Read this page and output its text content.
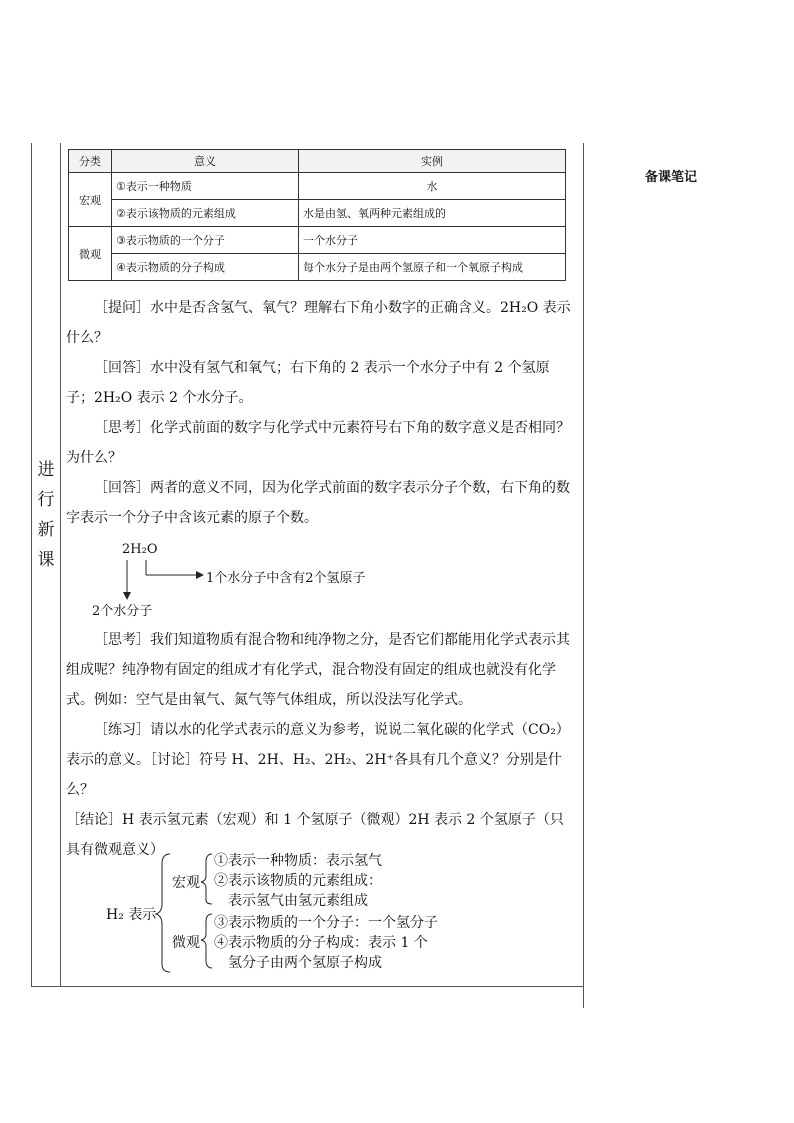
进
行
新
课
备课笔记
分类	意义	实例
宏观	①表示一种物质	水
	②表示该物质的元素组成	水是由氢、氧两种元素组成的
微观	③表示物质的一个分子	一个水分子
	④表示物质的分子构成	每个水分子是由两个氢原子和一个氧原子构成

［提问］水中是否含氢气、氧气？理解右下角小数字的正确含义。2H₂O 表示什么？

［回答］水中没有氢气和氧气；右下角的 2 表示一个水分子中有 2 个氢原子；2H₂O 表示 2 个水分子。

［思考］化学式前面的数字与化学式中元素符号右下角的数字意义是否相同？为什么？

［回答］两者的意义不同，因为化学式前面的数字表示分子个数，右下角的数字表示一个分子中含该元素的原子个数。

2H₂O
1个水分子中含有2个氢原子
2个水分子

［思考］我们知道物质有混合物和纯净物之分，是否它们都能用化学式表示其组成呢？纯净物有固定的组成才有化学式，混合物没有固定的组成也就没有化学式。例如：空气是由氧气、氮气等气体组成，所以没法写化学式。

［练习］请以水的化学式表示的意义为参考，说说二氧化碳的化学式（CO₂）表示的意义。［讨论］符号 H、2H、H₂、2H₂、2H⁺各具有几个意义？分别是什么？

［结论］H 表示氢元素（宏观）和 1 个氢原子（微观）2H 表示 2 个氢原子（只具有微观意义）

H₂ 表示
宏观
微观
①表示一种物质：表示氢气
②表示该物质的元素组成：
表示氢气由氢元素组成
③表示物质的一个分子：一个氢分子
④表示物质的分子构成：表示 1 个
氢分子由两个氢原子构成
